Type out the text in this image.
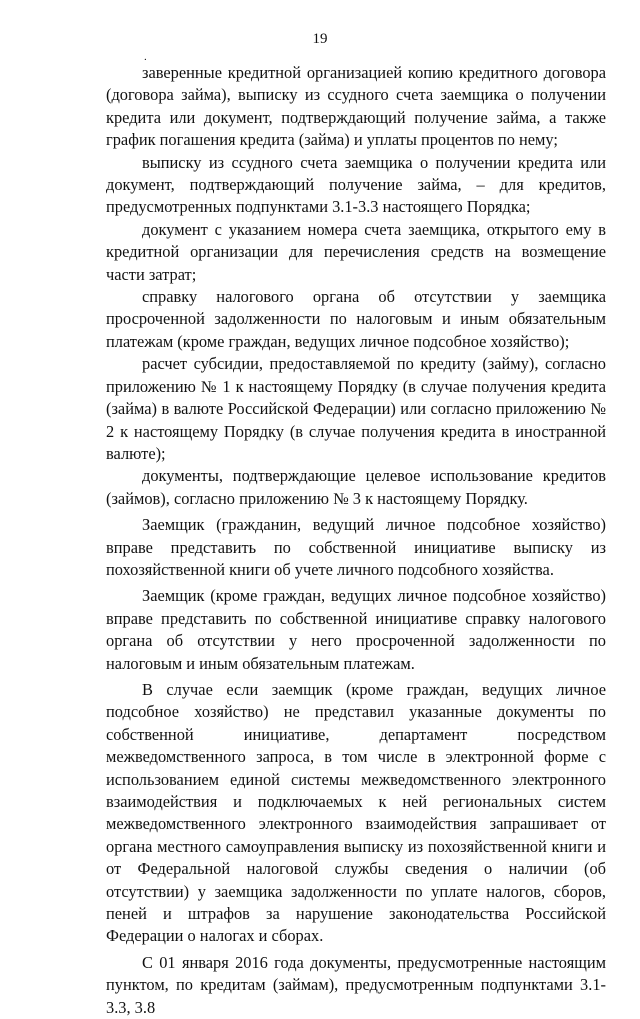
19
.

заверенные кредитной организацией копию кредитного договора (договора займа), выписку из ссудного счета заемщика о получении кредита или документ, подтверждающий получение займа, а также график погашения кредита (займа) и уплаты процентов по нему;

выписку из ссудного счета заемщика о получении кредита или документ, подтверждающий получение займа, – для кредитов, предусмотренных подпунктами 3.1-3.3 настоящего Порядка;

документ с указанием номера счета заемщика, открытого ему в кредитной организации для перечисления средств на возмещение части затрат;

справку налогового органа об отсутствии у заемщика просроченной задолженности по налоговым и иным обязательным платежам (кроме граждан, ведущих личное подсобное хозяйство);

расчет субсидии, предоставляемой по кредиту (займу), согласно приложению № 1 к настоящему Порядку (в случае получения кредита (займа) в валюте Российской Федерации) или согласно приложению № 2 к настоящему Порядку (в случае получения кредита в иностранной валюте);

документы, подтверждающие целевое использование кредитов (займов), согласно приложению № 3 к настоящему Порядку.

Заемщик (гражданин, ведущий личное подсобное хозяйство) вправе представить по собственной инициативе выписку из похозяйственной книги об учете личного подсобного хозяйства.

Заемщик (кроме граждан, ведущих личное подсобное хозяйство) вправе представить по собственной инициативе справку налогового органа об отсутствии у него просроченной задолженности по налоговым и иным обязательным платежам.

В случае если заемщик (кроме граждан, ведущих личное подсобное хозяйство) не представил указанные документы по собственной инициативе, департамент посредством межведомственного запроса, в том числе в электронной форме с использованием единой системы межведомственного электронного взаимодействия и подключаемых к ней региональных систем межведомственного электронного взаимодействия запрашивает от органа местного самоуправления выписку из похозяйственной книги и от Федеральной налоговой службы сведения о наличии (об отсутствии) у заемщика задолженности по уплате налогов, сборов, пеней и штрафов за нарушение законодательства Российской Федерации о налогах и сборах.

С 01 января 2016 года документы, предусмотренные настоящим пунктом, по кредитам (займам), предусмотренным подпунктами 3.1-3.3, 3.8
